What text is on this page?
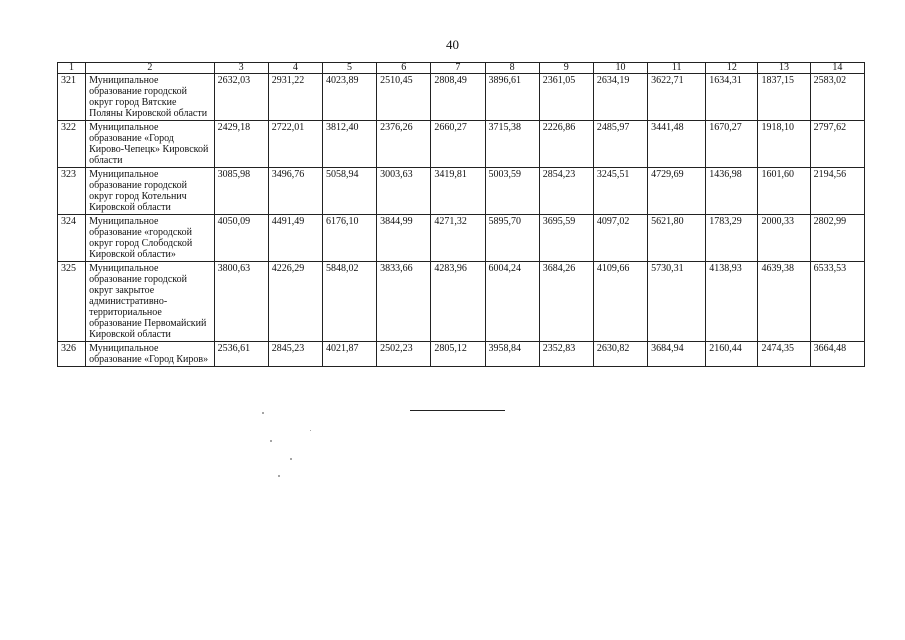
40
1	2	3	4	5	6	7	8	9	10	11	12	13	14
321	Муниципальное образование городской округ город Вятские Поляны Кировской области	2632,03	2931,22	4023,89	2510,45	2808,49	3896,61	2361,05	2634,19	3622,71	1634,31	1837,15	2583,02
322	Муниципальное образование «Город Кирово-Чепецк» Кировской области	2429,18	2722,01	3812,40	2376,26	2660,27	3715,38	2226,86	2485,97	3441,48	1670,27	1918,10	2797,62
323	Муниципальное образование городской округ город Котельнич Кировской области	3085,98	3496,76	5058,94	3003,63	3419,81	5003,59	2854,23	3245,51	4729,69	1436,98	1601,60	2194,56
324	Муниципальное образование «городской округ город Слободской Кировской области»	4050,09	4491,49	6176,10	3844,99	4271,32	5895,70	3695,59	4097,02	5621,80	1783,29	2000,33	2802,99
325	Муниципальное образование городской округ закрытое административно-территориальное образование Первомайский Кировской области	3800,63	4226,29	5848,02	3833,66	4283,96	6004,24	3684,26	4109,66	5730,31	4138,93	4639,38	6533,53
326	Муниципальное образование «Город Киров»	2536,61	2845,23	4021,87	2502,23	2805,12	3958,84	2352,83	2630,82	3684,94	2160,44	2474,35	3664,48
